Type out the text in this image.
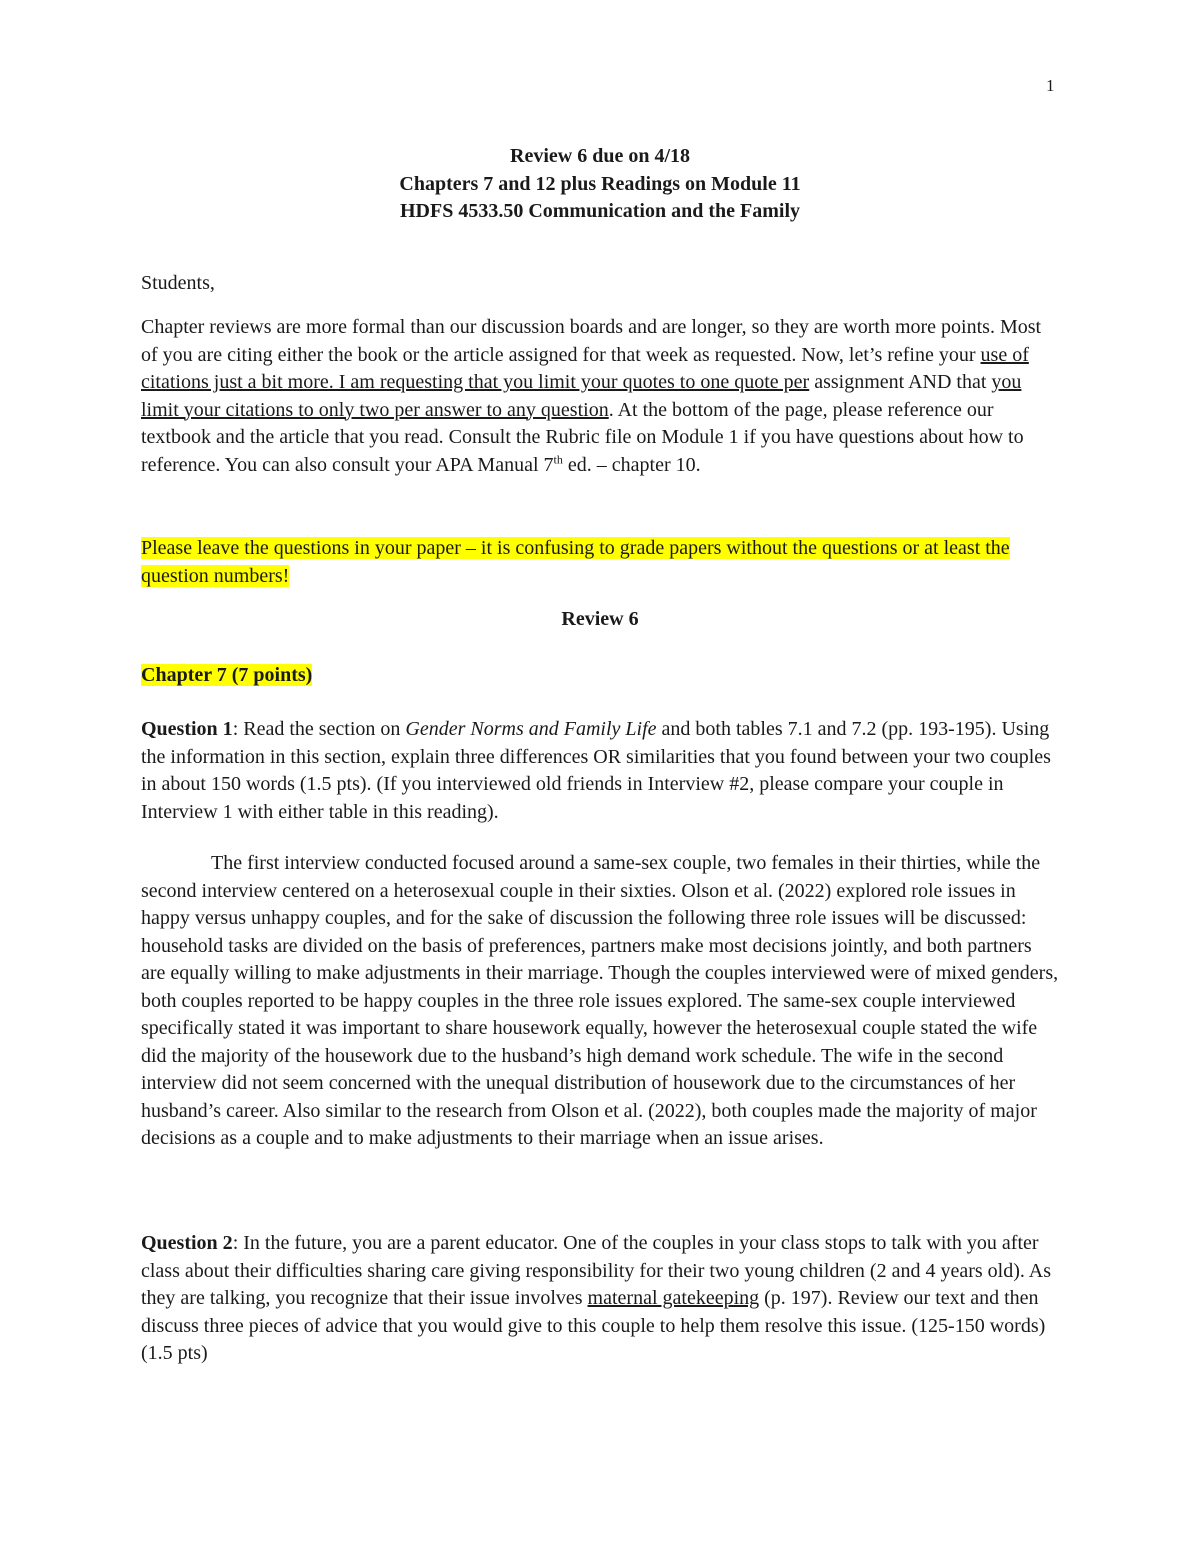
1
Review 6 due on 4/18
Chapters 7 and 12 plus Readings on Module 11
HDFS 4533.50 Communication and the Family
Students,
Chapter reviews are more formal than our discussion boards and are longer, so they are worth more points. Most of you are citing either the book or the article assigned for that week as requested. Now, let’s refine your use of citations just a bit more. I am requesting that you limit your quotes to one quote per assignment AND that you limit your citations to only two per answer to any question. At the bottom of the page, please reference our textbook and the article that you read. Consult the Rubric file on Module 1 if you have questions about how to reference. You can also consult your APA Manual 7th ed. – chapter 10.
Please leave the questions in your paper – it is confusing to grade papers without the questions or at least the question numbers!
Review 6
Chapter 7 (7 points)
Question 1: Read the section on Gender Norms and Family Life and both tables 7.1 and 7.2 (pp. 193-195). Using the information in this section, explain three differences OR similarities that you found between your two couples in about 150 words (1.5 pts). (If you interviewed old friends in Interview #2, please compare your couple in Interview 1 with either table in this reading).
The first interview conducted focused around a same-sex couple, two females in their thirties, while the second interview centered on a heterosexual couple in their sixties. Olson et al. (2022) explored role issues in happy versus unhappy couples, and for the sake of discussion the following three role issues will be discussed: household tasks are divided on the basis of preferences, partners make most decisions jointly, and both partners are equally willing to make adjustments in their marriage. Though the couples interviewed were of mixed genders, both couples reported to be happy couples in the three role issues explored. The same-sex couple interviewed specifically stated it was important to share housework equally, however the heterosexual couple stated the wife did the majority of the housework due to the husband’s high demand work schedule. The wife in the second interview did not seem concerned with the unequal distribution of housework due to the circumstances of her husband’s career. Also similar to the research from Olson et al. (2022), both couples made the majority of major decisions as a couple and to make adjustments to their marriage when an issue arises.
Question 2: In the future, you are a parent educator. One of the couples in your class stops to talk with you after class about their difficulties sharing care giving responsibility for their two young children (2 and 4 years old). As they are talking, you recognize that their issue involves maternal gatekeeping (p. 197). Review our text and then discuss three pieces of advice that you would give to this couple to help them resolve this issue. (125-150 words) (1.5 pts)
